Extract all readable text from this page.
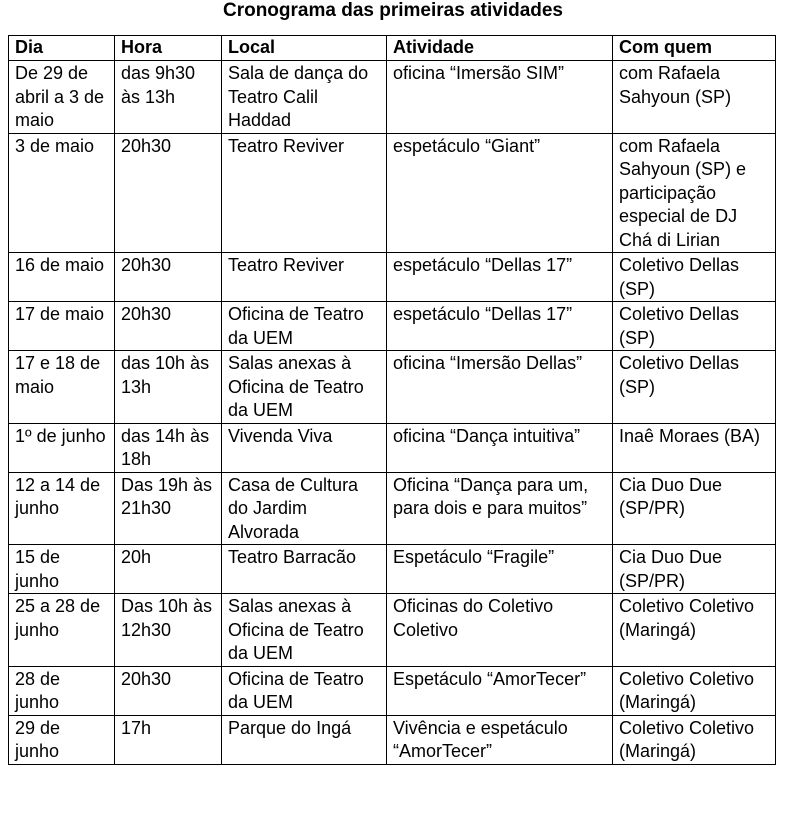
Cronograma das primeiras atividades
Dia	Hora	Local	Atividade	Com quem
De 29 de abril a 3 de maio	das 9h30 às 13h	Sala de dança do Teatro Calil Haddad	oficina “Imersão SIM”	com Rafaela Sahyoun (SP)
3 de maio	20h30	Teatro Reviver	espetáculo “Giant”	com Rafaela Sahyoun (SP) e participação especial de DJ Chá di Lirian
16 de maio	20h30	Teatro Reviver	espetáculo “Dellas 17”	Coletivo Dellas (SP)
17 de maio	20h30	Oficina de Teatro da UEM	espetáculo “Dellas 17”	Coletivo Dellas (SP)
17 e 18 de maio	das 10h às 13h	Salas anexas à Oficina de Teatro da UEM	oficina “Imersão Dellas”	Coletivo Dellas (SP)
1º de junho	das 14h às 18h	Vivenda Viva	oficina “Dança intuitiva”	Inaê Moraes (BA)
12 a 14 de junho	Das 19h às 21h30	Casa de Cultura do Jardim Alvorada	Oficina “Dança para um, para dois e para muitos”	Cia Duo Due (SP/PR)
15 de junho	20h	Teatro Barracão	Espetáculo “Fragile”	Cia Duo Due (SP/PR)
25 a 28 de junho	Das 10h às 12h30	Salas anexas à Oficina de Teatro da UEM	Oficinas do Coletivo Coletivo	Coletivo Coletivo (Maringá)
28 de junho	20h30	Oficina de Teatro da UEM	Espetáculo “AmorTecer”	Coletivo Coletivo (Maringá)
29 de junho	17h	Parque do Ingá	Vivência e espetáculo “AmorTecer”	Coletivo Coletivo (Maringá)
